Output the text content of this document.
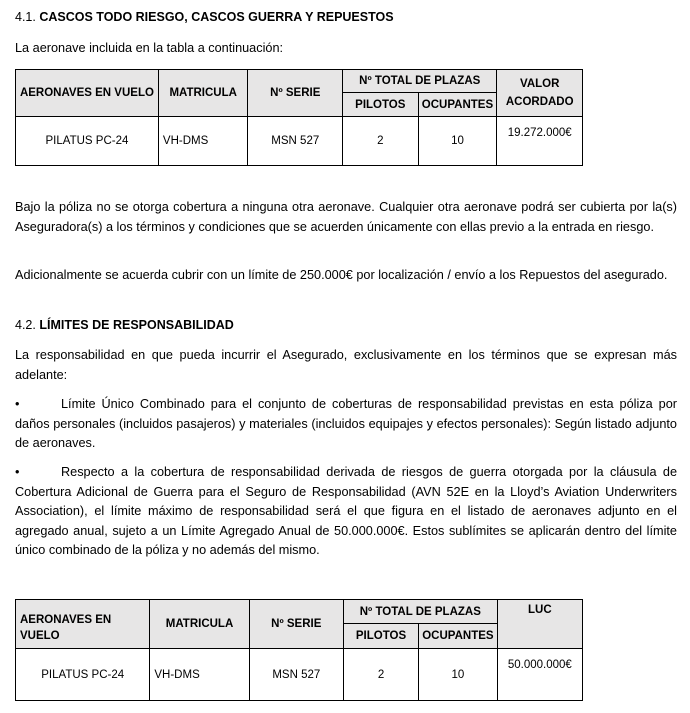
4.1. CASCOS TODO RIESGO, CASCOS GUERRA Y REPUESTOS
La aeronave incluida en la tabla a continuación:
AERONAVES EN VUELO	MATRICULA	Nº SERIE	Nº TOTAL DE PLAZAS		VALOR ACORDADO
			PILOTOS	OCUPANTES	
PILATUS PC-24	VH-DMS	MSN 527	2	10	19.272.000€
Bajo la póliza no se otorga cobertura a ninguna otra aeronave. Cualquier otra aeronave podrá ser cubierta por la(s) Aseguradora(s) a los términos y condiciones que se acuerden únicamente con ellas previo a la entrada en riesgo.
Adicionalmente se acuerda cubrir con un límite de 250.000€ por localización / envío a los Repuestos del asegurado.
4.2. LÍMITES DE RESPONSABILIDAD
La responsabilidad en que pueda incurrir el Asegurado, exclusivamente en los términos que se expresan más adelante:
•	Límite Único Combinado para el conjunto de coberturas de responsabilidad previstas en esta póliza por daños personales (incluidos pasajeros) y materiales (incluidos equipajes y efectos personales): Según listado adjunto de aeronaves.
•	Respecto a la cobertura de responsabilidad derivada de riesgos de guerra otorgada por la cláusula de Cobertura Adicional de Guerra para el Seguro de Responsabilidad (AVN 52E en la Lloyd’s Aviation Underwriters Association), el límite máximo de responsabilidad será el que figura en el listado de aeronaves adjunto en el agregado anual, sujeto a un Límite Agregado Anual de 50.000.000€. Estos sublímites se aplicarán dentro del límite único combinado de la póliza y no además del mismo.
AERONAVES EN VUELO	MATRICULA	Nº SERIE	Nº TOTAL DE PLAZAS		LUC
			PILOTOS	OCUPANTES	
PILATUS PC-24	VH-DMS	MSN 527	2	10	50.000.000€
